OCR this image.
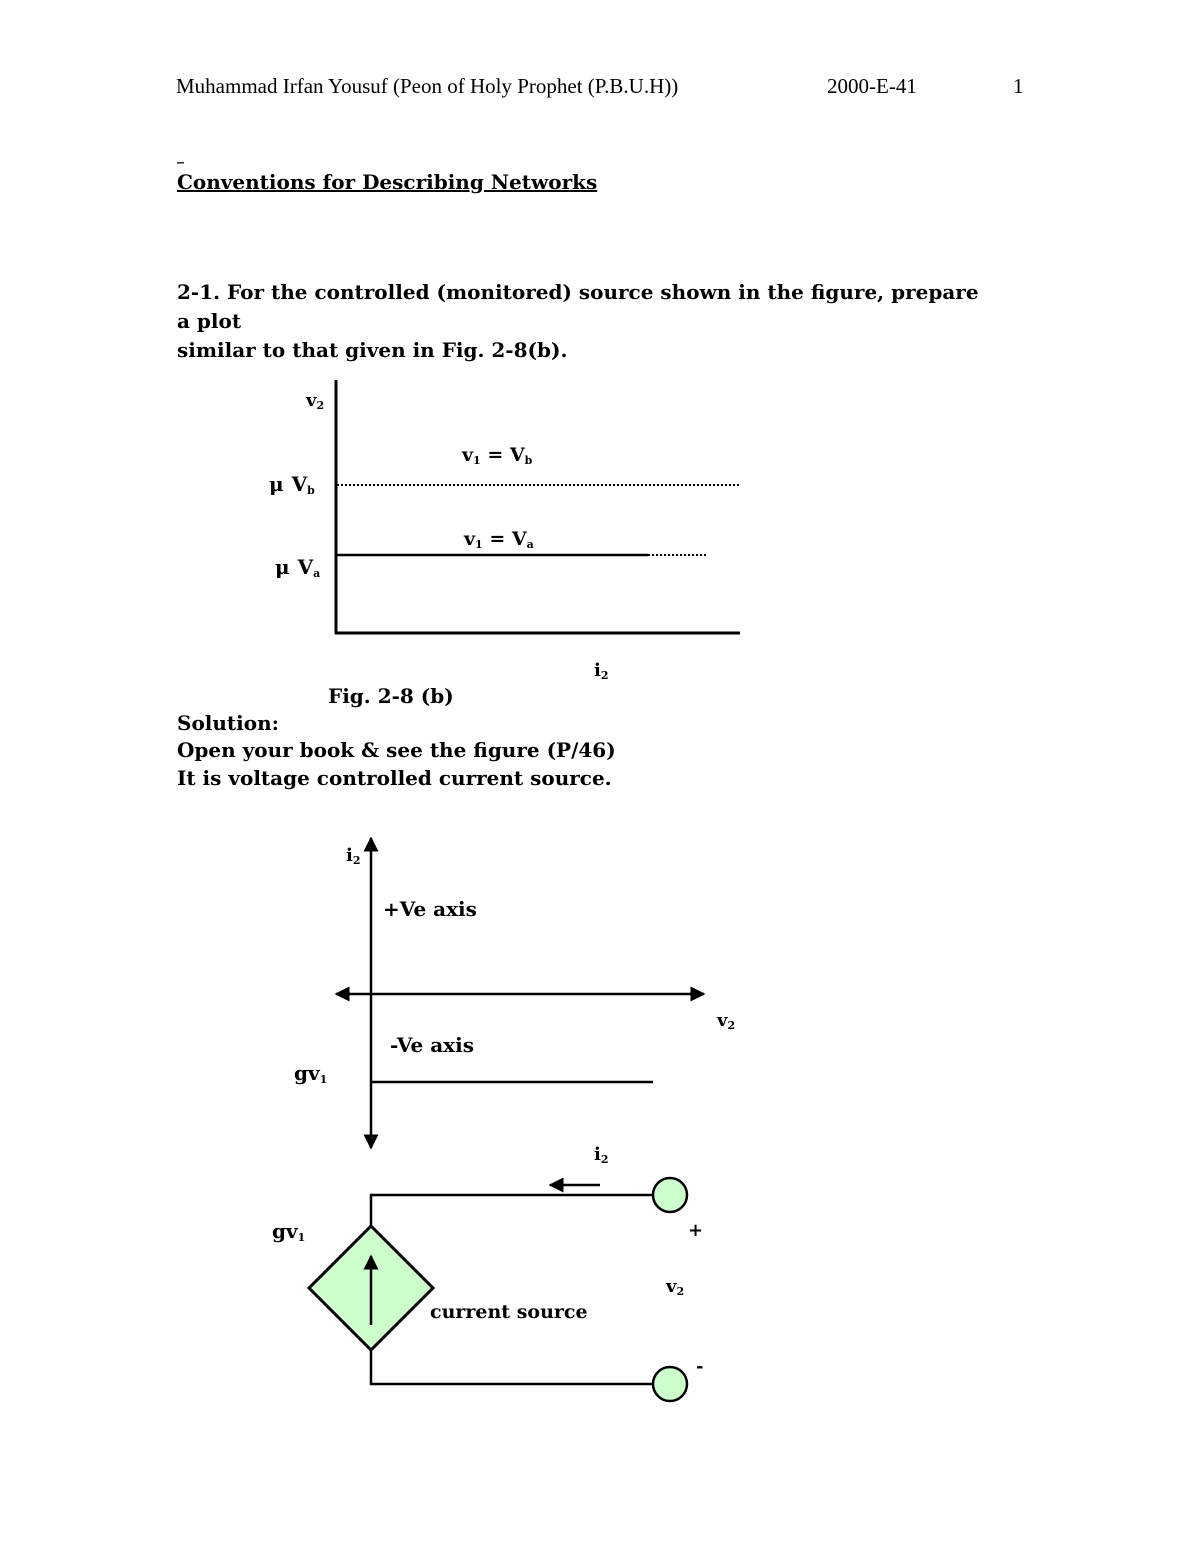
Muhammad Irfan Yousuf (Peon of Holy Prophet (P.B.U.H))	2000-E-41	1
_
Conventions for Describing Networks
2-1. For the controlled (monitored) source shown in the figure, prepare a plot
similar to that given in Fig. 2-8(b).
Fig. 2-8 (b)
Solution:
Open your book & see the figure (P/46)
It is voltage controlled current source.
v2
μ Vb
μ Va
v1 = Vb
v1 = Va
i2
i2
+Ve axis
v2
-Ve axis
gv1
i2
gv1
current source
+
v2
-
